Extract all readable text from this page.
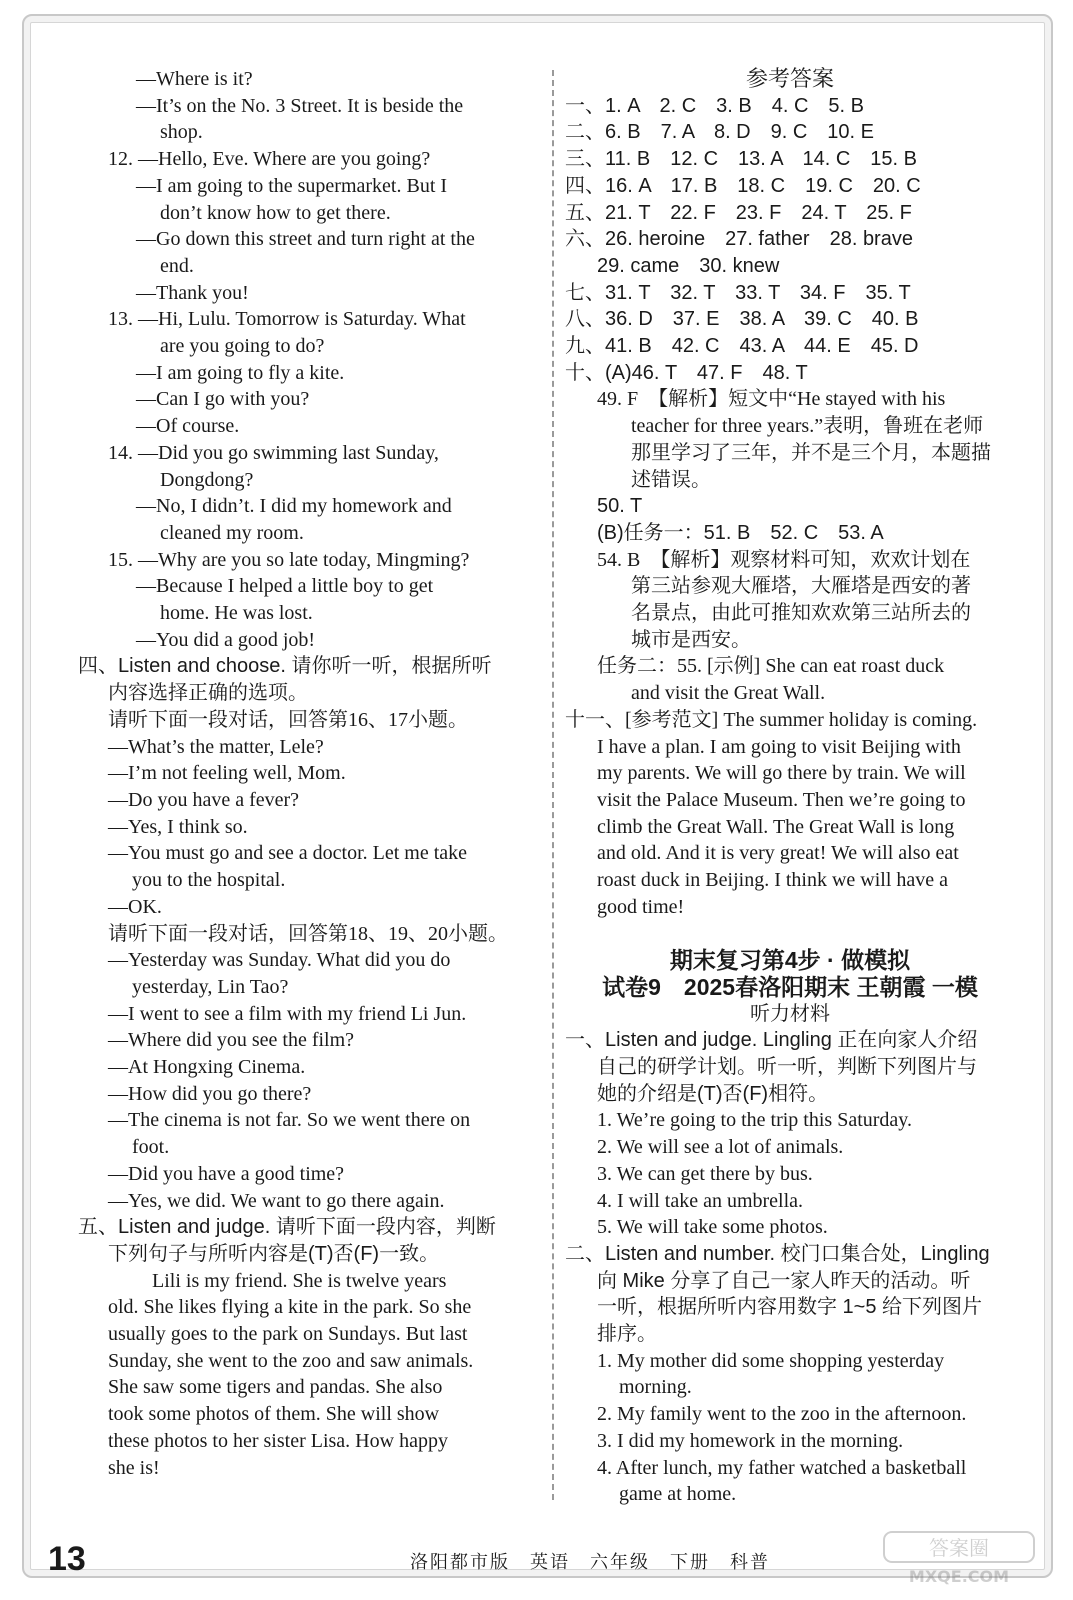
—Where is it?
—It’s on the No. 3 Street. It is beside the
shop.
12. —Hello, Eve. Where are you going?
—I am going to the supermarket. But I
don’t know how to get there.
—Go down this street and turn right at the
end.
—Thank you!
13. —Hi, Lulu. Tomorrow is Saturday. What
are you going to do?
—I am going to fly a kite.
—Can I go with you?
—Of course.
14. —Did you go swimming last Sunday,
Dongdong?
—No, I didn’t. I did my homework and
cleaned my room.
15. —Why are you so late today, Mingming?
—Because I helped a little boy to get
home. He was lost.
—You did a good job!
四、Listen and choose. 请你听一听，根据所听
内容选择正确的选项。
请听下面一段对话，回答第16、17小题。
—What’s the matter, Lele?
—I’m not feeling well, Mom.
—Do you have a fever?
—Yes, I think so.
—You must go and see a doctor. Let me take
you to the hospital.
—OK.
请听下面一段对话，回答第18、19、20小题。
—Yesterday was Sunday. What did you do
yesterday, Lin Tao?
—I went to see a film with my friend Li Jun.
—Where did you see the film?
—At Hongxing Cinema.
—How did you go there?
—The cinema is not far. So we went there on
foot.
—Did you have a good time?
—Yes, we did. We want to go there again.
五、Listen and judge. 请听下面一段内容，判断
下列句子与所听内容是(T)否(F)一致。
Lili is my friend. She is twelve years
old. She likes flying a kite in the park. So she
usually goes to the park on Sundays. But last
Sunday, she went to the zoo and saw animals.
She saw some tigers and pandas. She also
took some photos of them. She will show
these photos to her sister Lisa. How happy
she is!
参考答案
一、1. A　2. C　3. B　4. C　5. B
二、6. B　7. A　8. D　9. C　10. E
三、11. B　12. C　13. A　14. C　15. B
四、16. A　17. B　18. C　19. C　20. C
五、21. T　22. F　23. F　24. T　25. F
六、26. heroine　27. father　28. brave
29. came　30. knew
七、31. T　32. T　33. T　34. F　35. T
八、36. D　37. E　38. A　39. C　40. B
九、41. B　42. C　43. A　44. E　45. D
十、(A)46. T　47. F　48. T
49. F　【解析】短文中“He stayed with his
teacher for three years.”表明，鲁班在老师
那里学习了三年，并不是三个月，本题描
述错误。
50. T
(B)任务一：51. B　52. C　53. A
54. B　【解析】观察材料可知，欢欢计划在
第三站参观大雁塔，大雁塔是西安的著
名景点，由此可推知欢欢第三站所去的
城市是西安。
任务二：55. [示例] She can eat roast duck
and visit the Great Wall.
十一、[参考范文] The summer holiday is coming.
I have a plan. I am going to visit Beijing with
my parents. We will go there by train. We will
visit the Palace Museum. Then we’re going to
climb the Great Wall. The Great Wall is long
and old. And it is very great! We will also eat
roast duck in Beijing. I think we will have a
good time!

期末复习第4步 · 做模拟
试卷9　2025春洛阳期末 王朝霞 一模
听力材料
一、Listen and judge. Lingling 正在向家人介绍
自己的研学计划。听一听，判断下列图片与
她的介绍是(T)否(F)相符。
1. We’re going to the trip this Saturday.
2. We will see a lot of animals.
3. We can get there by bus.
4. I will take an umbrella.
5. We will take some photos.
二、Listen and number. 校门口集合处，Lingling
向 Mike 分享了自己一家人昨天的活动。听
一听，根据所听内容用数字 1~5 给下列图片
排序。
1. My mother did some shopping yesterday
morning.
2. My family went to the zoo in the afternoon.
3. I did my homework in the morning.
4. After lunch, my father watched a basketball
game at home.
13	洛阳都市版　英语　六年级　下册　科普
答案圈
MXQE.COM
